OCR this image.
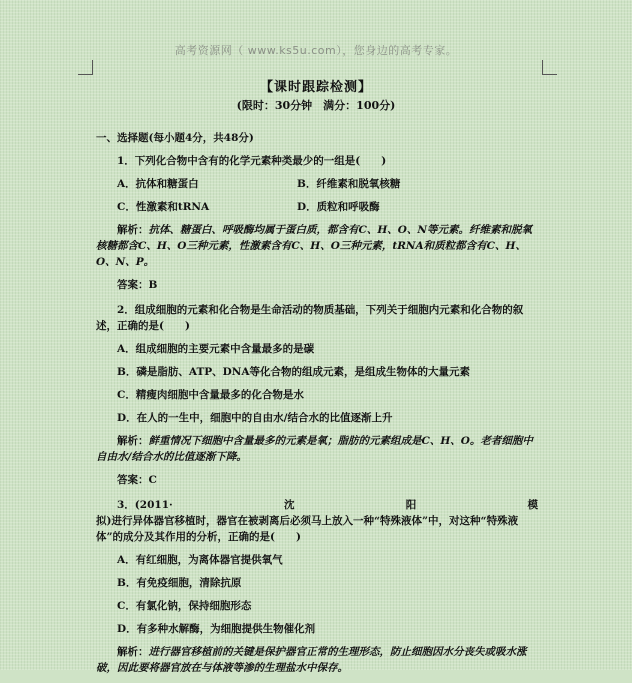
高考资源网（ www.ks5u.com），您身边的高考专家。
【课时跟踪检测】
(限时：30分钟　满分：100分)

一、选择题(每小题4分，共48分)

1．下列化合物中含有的化学元素种类最少的一组是(　　)

A．抗体和糖蛋白	B．纤维素和脱氧核糖
C．性激素和tRNA	D．质粒和呼吸酶

解析：抗体、糖蛋白、呼吸酶均属于蛋白质，都含有C、H、O、N等元素。纤维素和脱氧核糖都含C、H、O三种元素，性激素含有C、H、O三种元素，tRNA和质粒都含有C、H、O、N、P。

答案：B

2．组成细胞的元素和化合物是生命活动的物质基础，下列关于细胞内元素和化合物的叙述，正确的是(　　)

A．组成细胞的主要元素中含量最多的是碳

B．磷是脂肪、ATP、DNA等化合物的组成元素，是组成生物体的大量元素

C．精瘦肉细胞中含量最多的化合物是水

D．在人的一生中，细胞中的自由水/结合水的比值逐渐上升

解析：鲜重情况下细胞中含量最多的元素是氧；脂肪的元素组成是C、H、O。老者细胞中自由水/结合水的比值逐渐下降。

答案：C

3．(2011·	沈	阳	模

拟)进行异体器官移植时，器官在被剥离后必须马上放入一种“特殊液体”中，对这种“特殊液体”的成分及其作用的分析，正确的是(　　)

A．有红细胞，为离体器官提供氧气

B．有免疫细胞，清除抗原

C．有氯化钠，保持细胞形态

D．有多种水解酶，为细胞提供生物催化剂

解析：进行器官移植前的关键是保护器官正常的生理形态，防止细胞因水分丧失或吸水涨破，因此要将器官放在与体液等渗的生理盐水中保存。
